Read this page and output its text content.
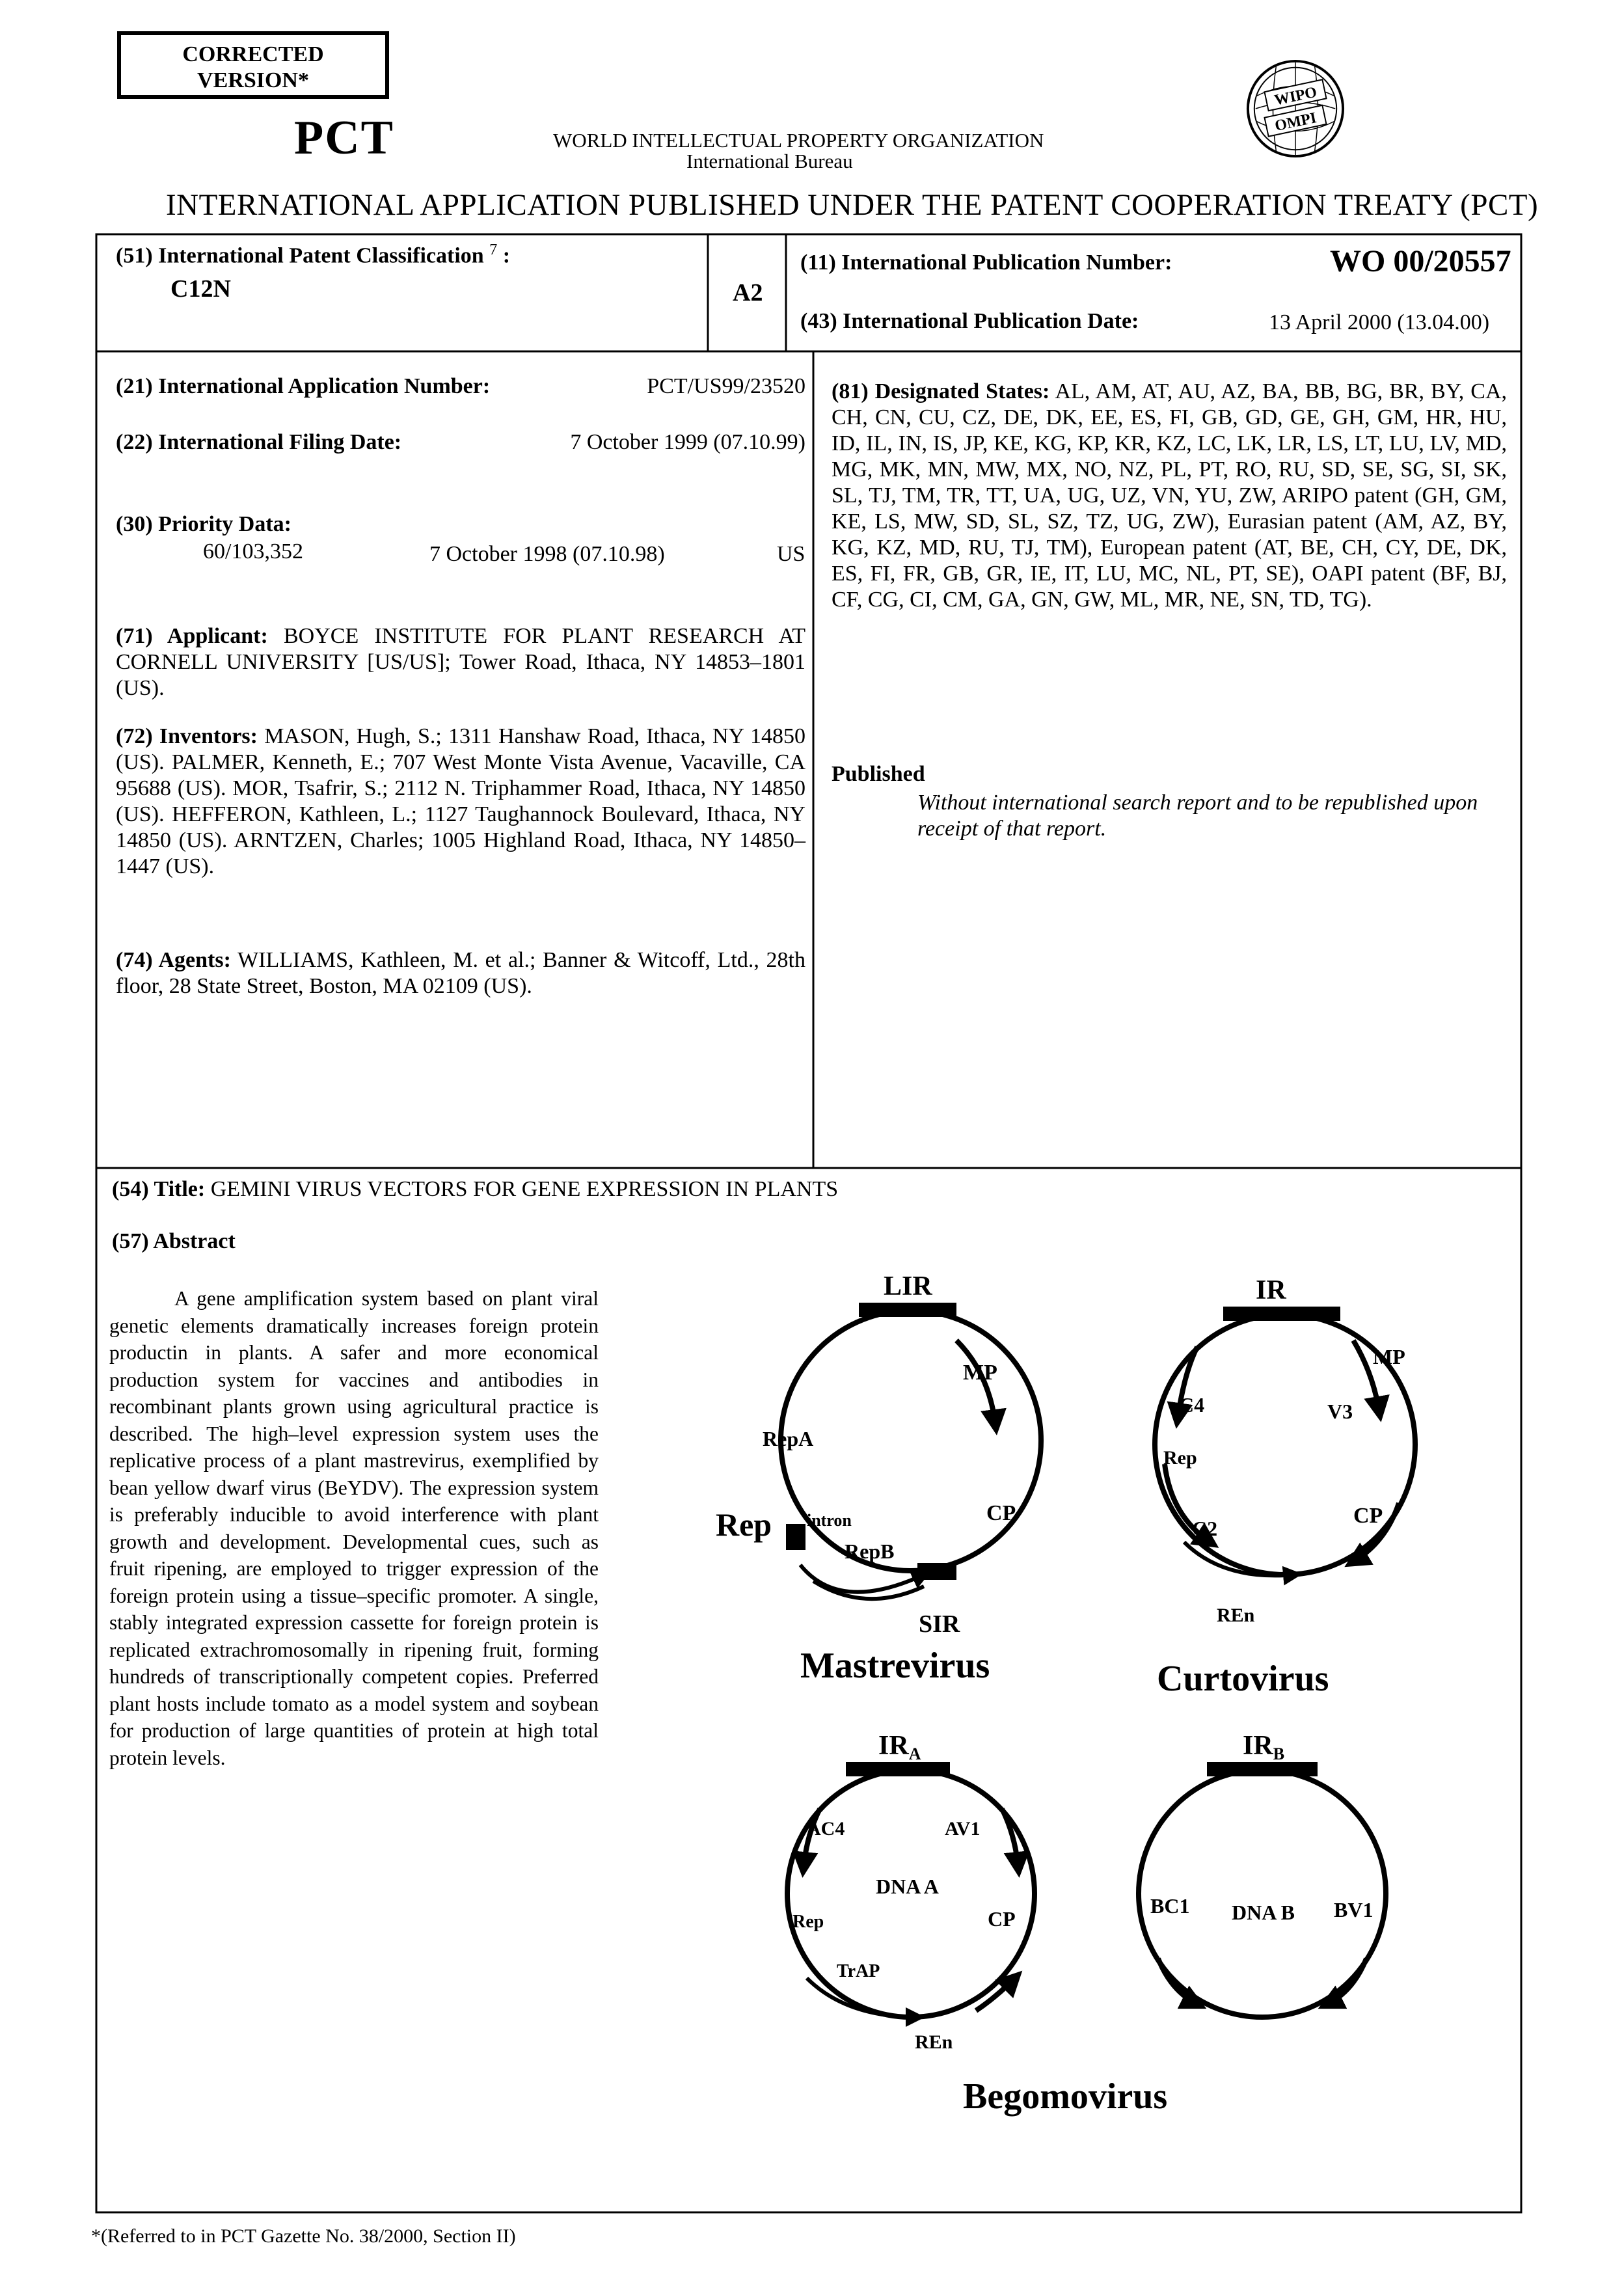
CORRECTED
VERSION*
PCT	WORLD INTELLECTUAL PROPERTY ORGANIZATION
International Bureau
WIPO
OMPI
INTERNATIONAL APPLICATION PUBLISHED UNDER THE PATENT COOPERATION TREATY (PCT)
(51) International Patent Classification $^7$ :
C12N	A2
(11) International Publication Number:	WO 00/20557
(43) International Publication Date:	13 April 2000 (13.04.00)
(21) International Application Number:	PCT/US99/23520
(22) International Filing Date:	7 October 1999 (07.10.99)
(30) Priority Data:
60/103,352	7 October 1998 (07.10.98)	US
(71) Applicant: BOYCE INSTITUTE FOR PLANT RESEARCH AT CORNELL UNIVERSITY [US/US]; Tower Road, Ithaca, NY 14853–1801 (US).
(72) Inventors: MASON, Hugh, S.; 1311 Hanshaw Road, Ithaca, NY 14850 (US). PALMER, Kenneth, E.; 707 West Monte Vista Avenue, Vacaville, CA 95688 (US). MOR, Tsafrir, S.; 2112 N. Triphammer Road, Ithaca, NY 14850 (US). HEFFERON, Kathleen, L.; 1127 Taughannock Boulevard, Ithaca, NY 14850 (US). ARNTZEN, Charles; 1005 Highland Road, Ithaca, NY 14850–1447 (US).
(74) Agents: WILLIAMS, Kathleen, M. et al.; Banner & Witcoff, Ltd., 28th floor, 28 State Street, Boston, MA 02109 (US).
(81) Designated States: AL, AM, AT, AU, AZ, BA, BB, BG, BR, BY, CA, CH, CN, CU, CZ, DE, DK, EE, ES, FI, GB, GD, GE, GH, GM, HR, HU, ID, IL, IN, IS, JP, KE, KG, KP, KR, KZ, LC, LK, LR, LS, LT, LU, LV, MD, MG, MK, MN, MW, MX, NO, NZ, PL, PT, RO, RU, SD, SE, SG, SI, SK, SL, TJ, TM, TR, TT, UA, UG, UZ, VN, YU, ZW, ARIPO patent (GH, GM, KE, LS, MW, SD, SL, SZ, TZ, UG, ZW), Eurasian patent (AM, AZ, BY, KG, KZ, MD, RU, TJ, TM), European patent (AT, BE, CH, CY, DE, DK, ES, FI, FR, GB, GR, IE, IT, LU, MC, NL, PT, SE), OAPI patent (BF, BJ, CF, CG, CI, CM, GA, GN, GW, ML, MR, NE, SN, TD, TG).
Published
Without international search report and to be republished upon receipt of that report.
(54) Title: GEMINI VIRUS VECTORS FOR GENE EXPRESSION IN PLANTS
(57) Abstract

A gene amplification system based on plant viral genetic elements dramatically increases foreign protein productin in plants. A safer and more economical production system for vaccines and antibodies in recombinant plants grown using agricultural practice is described. The high–level expression system uses the replicative process of a plant mastrevirus, exemplified by bean yellow dwarf virus (BeYDV). The expression system is preferably inducible to avoid interference with plant growth and development. Developmental cues, such as fruit ripening, are employed to trigger expression of the foreign protein using a tissue–specific promoter. A single, stably integrated expression cassette for foreign protein is replicated extrachromosomally in ripening fruit, forming hundreds of transcriptionally competent copies. Preferred plant hosts include tomato as a model system and soybean for production of large quantities of protein at high total protein levels.

LIR
MP
RepA
CP
intron
Rep
RepB
SIR
Mastrevirus
IR
MP
V3
C4
Rep
C2
CP
REn
Curtovirus
IRA
AC4	AV1
DNA A
Rep	CP
TrAP
REn
IRB
BC1 DNA B BV1
Begomovirus
*(Referred to in PCT Gazette No. 38/2000, Section II)
